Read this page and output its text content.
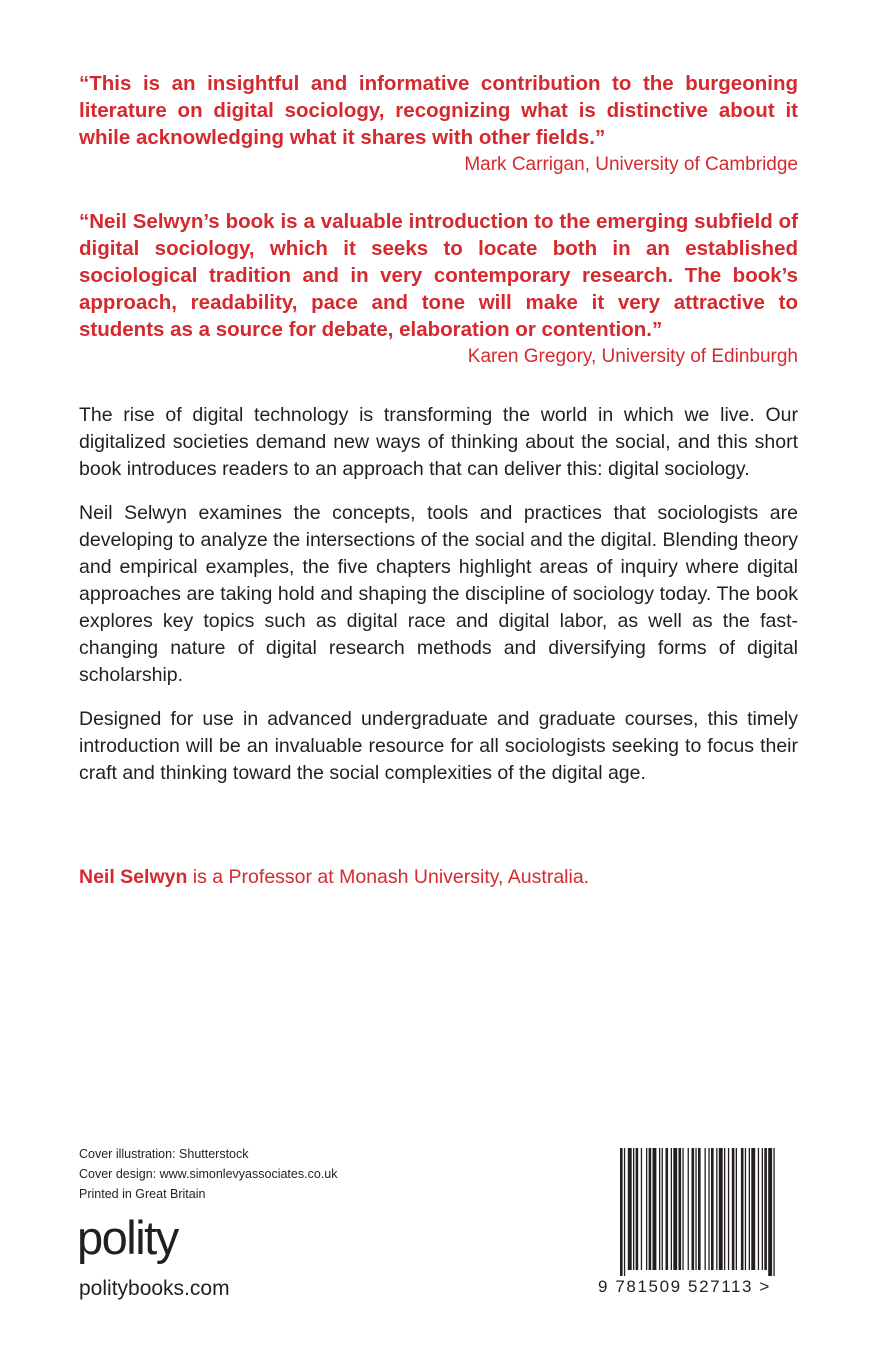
“This is an insightful and informative contribution to the burgeoning literature on digital sociology, recognizing what is distinctive about it while acknowledging what it shares with other fields.”

Mark Carrigan, University of Cambridge

“Neil Selwyn’s book is a valuable introduction to the emerging subfield of digital sociology, which it seeks to locate both in an established sociological tradition and in very contemporary research. The book’s approach, readability, pace and tone will make it very attractive to students as a source for debate, elaboration or contention.”

Karen Gregory, University of Edinburgh

The rise of digital technology is transforming the world in which we live. Our digitalized societies demand new ways of thinking about the social, and this short book introduces readers to an approach that can deliver this: digital sociology.

Neil Selwyn examines the concepts, tools and practices that sociologists are developing to analyze the intersections of the social and the digital. Blending theory and empirical examples, the five chapters highlight areas of inquiry where digital approaches are taking hold and shaping the discipline of sociology today. The book explores key topics such as digital race and digital labor, as well as the fast-changing nature of digital research methods and diversifying forms of digital scholarship.

Designed for use in advanced undergraduate and graduate courses, this timely introduction will be an invaluable resource for all sociologists seeking to focus their craft and thinking toward the social complexities of the digital age.

Neil Selwyn is a Professor at Monash University, Australia.

Cover illustration: Shutterstock
Cover design: www.simonlevyassociates.co.uk
Printed in Great Britain
polity
politybooks.com	9 781509 527113 >
